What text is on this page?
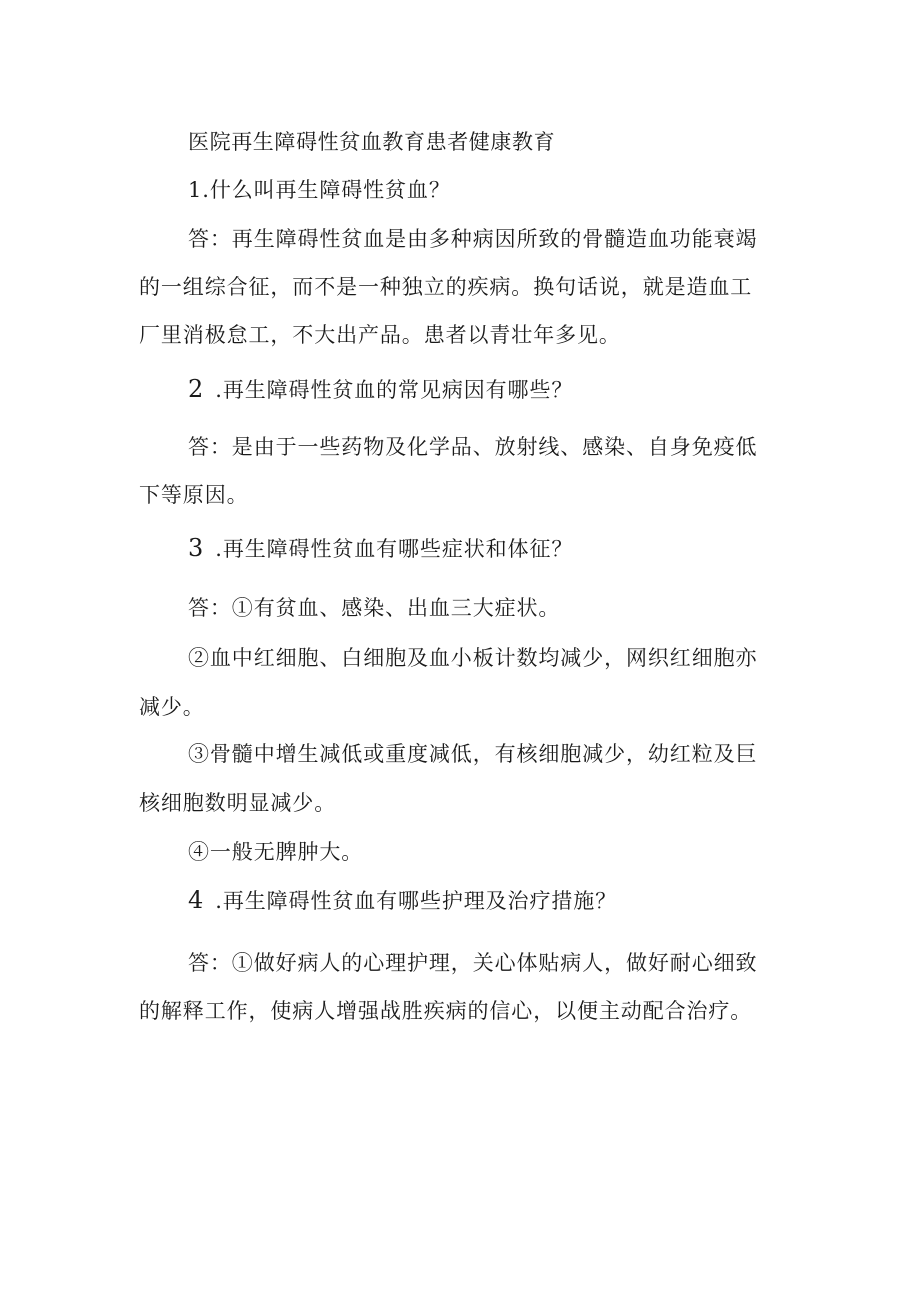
医院再生障碍性贫血教育患者健康教育
1.什么叫再生障碍性贫血？
答：再生障碍性贫血是由多种病因所致的骨髓造血功能衰竭
的一组综合征，而不是一种独立的疾病。换句话说，就是造血工
厂里消极怠工，不大出产品。患者以青壮年多见。
2 .再生障碍性贫血的常见病因有哪些？
答：是由于一些药物及化学品、放射线、感染、自身免疫低
下等原因。
3 .再生障碍性贫血有哪些症状和体征？
答：①有贫血、感染、出血三大症状。
②血中红细胞、白细胞及血小板计数均减少，网织红细胞亦
减少。
③骨髓中增生减低或重度减低，有核细胞减少，幼红粒及巨
核细胞数明显减少。
④一般无脾肿大。
4 .再生障碍性贫血有哪些护理及治疗措施？
答：①做好病人的心理护理，关心体贴病人，做好耐心细致
的解释工作，使病人增强战胜疾病的信心，以便主动配合治疗。
